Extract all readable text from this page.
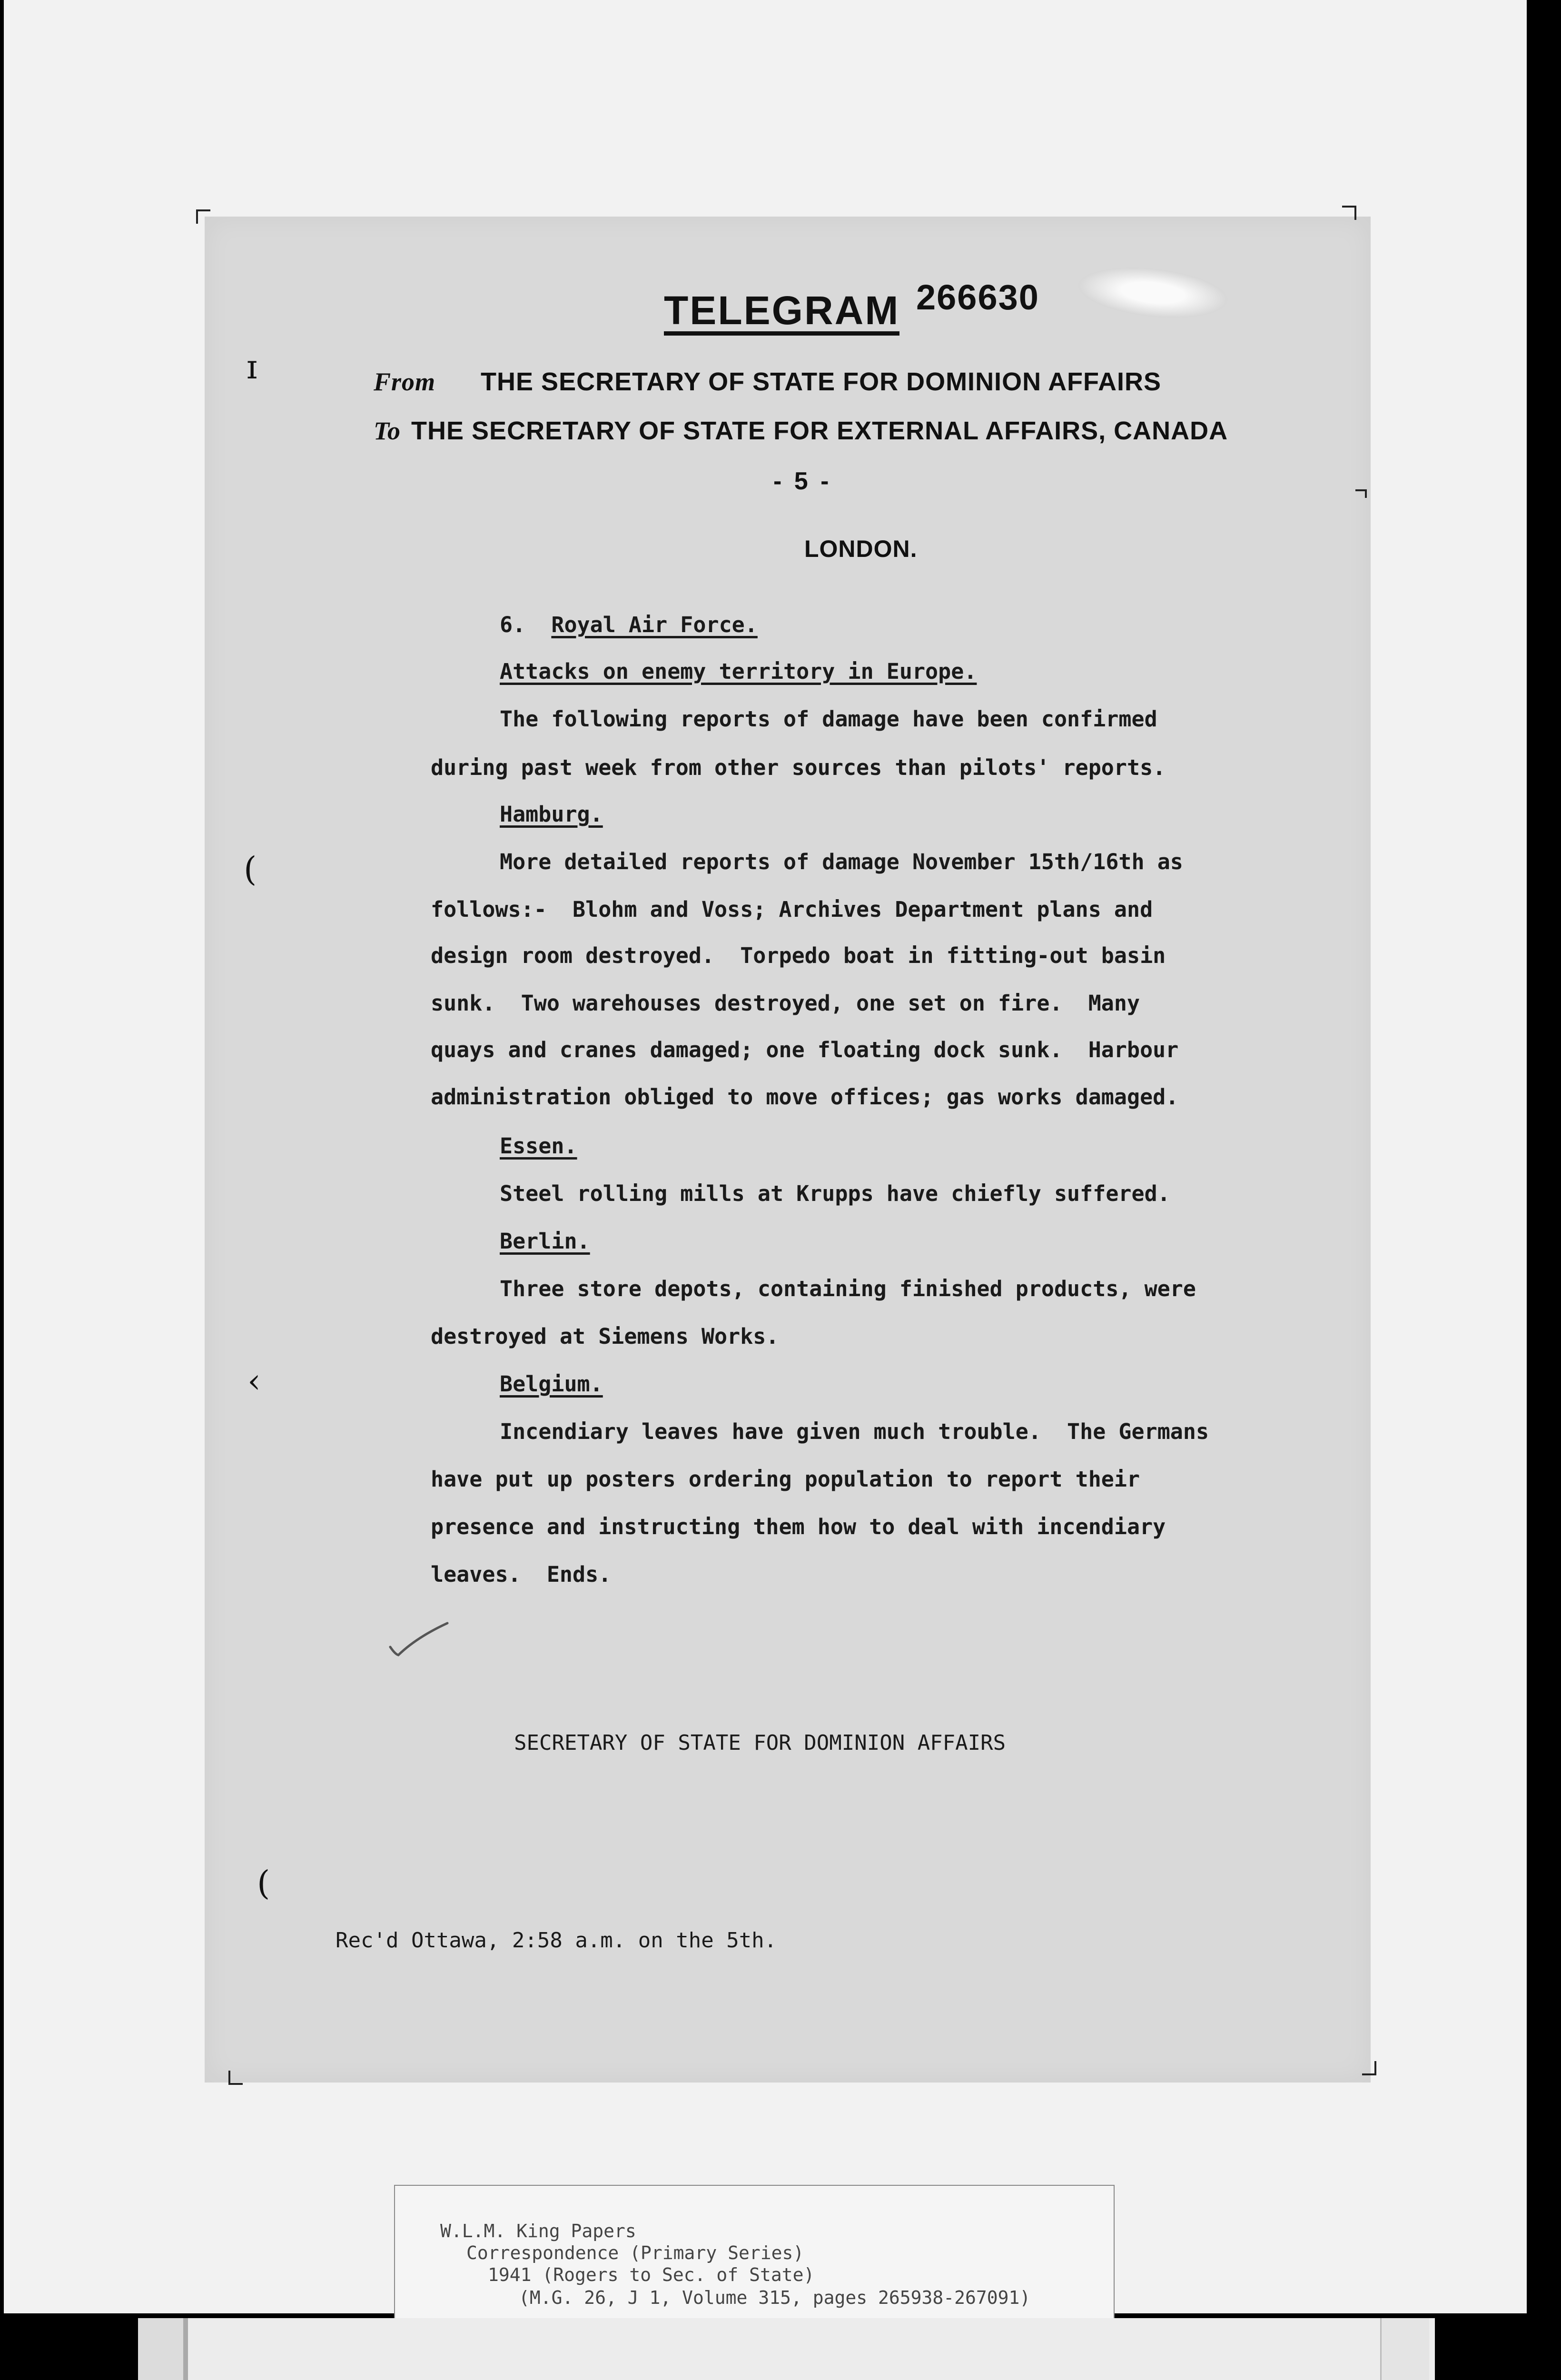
ɪ
(
‹
(
TELEGRAM 266630
From THE SECRETARY OF STATE FOR DOMINION AFFAIRS
To THE SECRETARY OF STATE FOR EXTERNAL AFFAIRS, CANADA
- 5 -
LONDON.
6. Royal Air Force.
Attacks on enemy territory in Europe.
The following reports of damage have been confirmed
during past week from other sources than pilots' reports.
Hamburg.
More detailed reports of damage November 15th/16th as
follows:-  Blohm and Voss; Archives Department plans and
design room destroyed.  Torpedo boat in fitting-out basin
sunk.  Two warehouses destroyed, one set on fire.  Many
quays and cranes damaged; one floating dock sunk.  Harbour
administration obliged to move offices; gas works damaged.
Essen.
Steel rolling mills at Krupps have chiefly suffered.
Berlin.
Three store depots, containing finished products, were
destroyed at Siemens Works.
Belgium.
Incendiary leaves have given much trouble.  The Germans
have put up posters ordering population to report their
presence and instructing them how to deal with incendiary
leaves.  Ends.
SECRETARY OF STATE FOR DOMINION AFFAIRS
Rec'd Ottawa, 2:58 a.m. on the 5th.
W.L.M. King Papers
Correspondence (Primary Series)
1941 (Rogers to Sec. of State)
(M.G. 26, J 1, Volume 315, pages 265938-267091)
